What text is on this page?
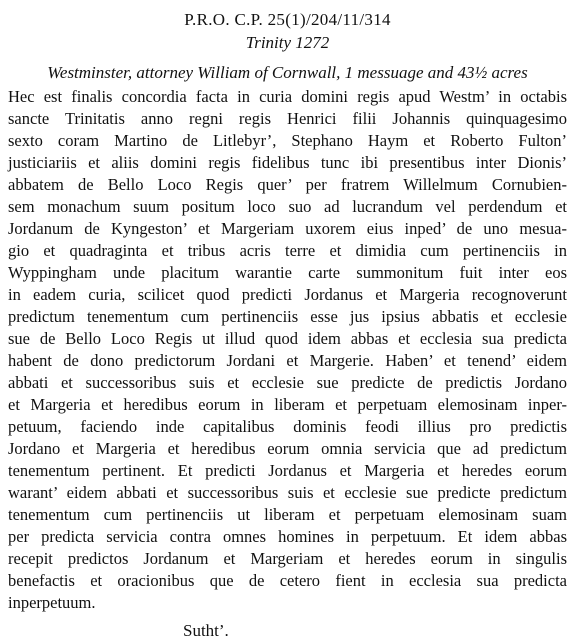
P.R.O. C.P. 25(1)/204/11/314
Trinity 1272
Westminster, attorney William of Cornwall, 1 messuage and 43½ acres
Hec est finalis concordia facta in curia domini regis apud Westm’ in octabis
sancte Trinitatis anno regni regis Henrici filii Johannis quinquagesimo
sexto coram Martino de Litlebyr’, Stephano Haym et Roberto Fulton’
justiciariis et aliis domini regis fidelibus tunc ibi presentibus inter Dionis’
abbatem de Bello Loco Regis quer’ per fratrem Willelmum Cornubien-
sem monachum suum positum loco suo ad lucrandum vel perdendum et
Jordanum de Kyngeston’ et Margeriam uxorem eius inped’ de uno mesua-
gio et quadraginta et tribus acris terre et dimidia cum pertinenciis in
Wyppingham unde placitum warantie carte summonitum fuit inter eos
in eadem curia, scilicet quod predicti Jordanus et Margeria recognoverunt
predictum tenementum cum pertinenciis esse jus ipsius abbatis et ecclesie
sue de Bello Loco Regis ut illud quod idem abbas et ecclesia sua predicta
habent de dono predictorum Jordani et Margerie. Haben’ et tenend’ eidem
abbati et successoribus suis et ecclesie sue predicte de predictis Jordano
et Margeria et heredibus eorum in liberam et perpetuam elemosinam inper-
petuum, faciendo inde capitalibus dominis feodi illius pro predictis
Jordano et Margeria et heredibus eorum omnia servicia que ad predictum
tenementum pertinent. Et predicti Jordanus et Margeria et heredes eorum
warant’ eidem abbati et successoribus suis et ecclesie sue predicte predictum
tenementum cum pertinenciis ut liberam et perpetuam elemosinam suam
per predicta servicia contra omnes homines in perpetuum. Et idem abbas
recepit predictos Jordanum et Margeriam et heredes eorum in singulis
benefactis et oracionibus que de cetero fient in ecclesia sua predicta
inperpetuum.
Sutht’.
